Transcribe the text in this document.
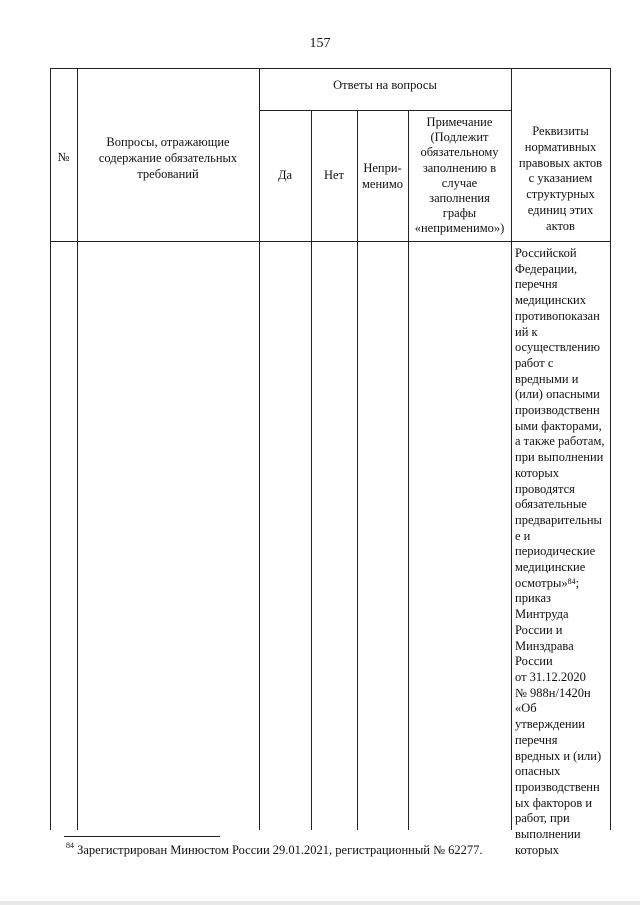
157
№
Вопросы, отражающие содержание обязательных требований
Ответы на вопросы
Да	Нет	Непри-
менимо
Примечание
(Подлежит
обязательному
заполнению в
случае
заполнения
графы
«неприменимо»)
Реквизиты
нормативных
правовых актов
с указанием
структурных
единиц этих
актов
Российской
Федерации,
перечня
медицинских
противопоказан
ий к
осуществлению
работ с
вредными и
(или) опасными
производственн
ыми факторами,
а также работам,
при выполнении
которых
проводятся
обязательные
предварительны
е и
периодические
медицинские
осмотры»$^{84}$;
приказ
Минтруда
России и
Минздрава
России
от 31.12.2020
№ 988н/1420н
«Об
утверждении
перечня
вредных и (или)
опасных
производственн
ых факторов и
работ, при
выполнении
которых
$^{84}$ Зарегистрирован Минюстом России 29.01.2021, регистрационный № 62277.
